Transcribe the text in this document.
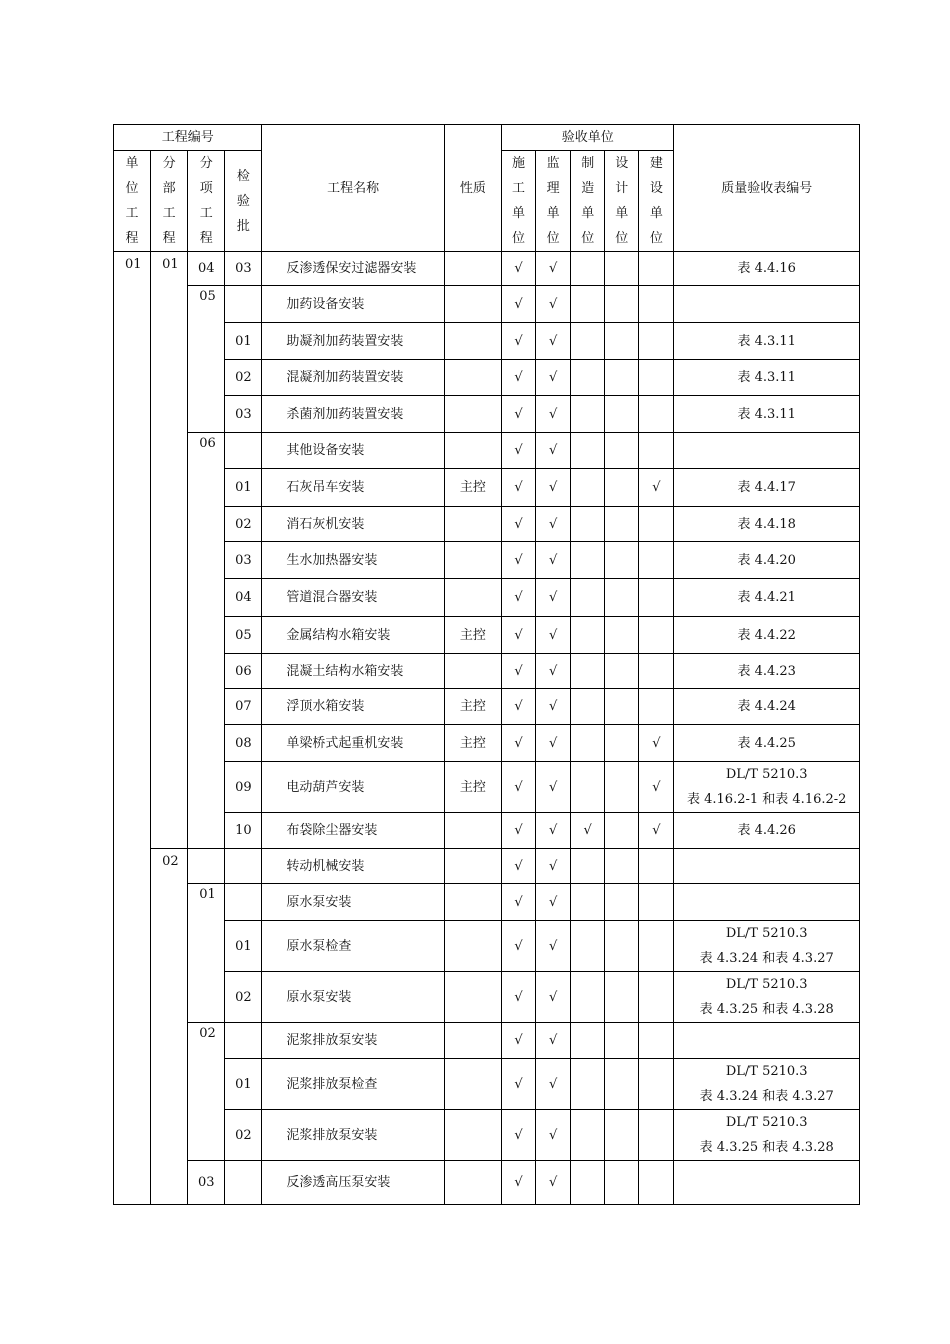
工程编号				工程名称	性质	验收单位					质量验收表编号
单位工程	分部工程	分项工程	检验批			施工单位	监理单位	制造单位	设计单位	建设单位	
01	01	04	03	反渗透保安过滤器安装		√	√				表 4.4.16

		05		加药设备安装		√	√				

			01	助凝剂加药装置安装		√	√				表 4.3.11

			02	混凝剂加药装置安装		√	√				表 4.3.11

			03	杀菌剂加药装置安装		√	√				表 4.3.11

		06		其他设备安装		√	√				

			01	石灰吊车安装	主控	√	√			√	表 4.4.17

			02	消石灰机安装		√	√				表 4.4.18

			03	生水加热器安装		√	√				表 4.4.20

			04	管道混合器安装		√	√				表 4.4.21

			05	金属结构水箱安装	主控	√	√				表 4.4.22

			06	混凝土结构水箱安装		√	√				表 4.4.23

			07	浮顶水箱安装	主控	√	√				表 4.4.24

			08	单梁桥式起重机安装	主控	√	√			√	表 4.4.25

			09	电动葫芦安装	主控	√	√			√	DL/T 5210.3
表 4.16.2-1 和表 4.16.2-2

			10	布袋除尘器安装		√	√	√		√	表 4.4.26

	02			转动机械安装		√	√				

		01		原水泵安装		√	√				

			01	原水泵检查		√	√				DL/T 5210.3
表 4.3.24 和表 4.3.27

			02	原水泵安装		√	√				DL/T 5210.3
表 4.3.25 和表 4.3.28

		02		泥浆排放泵安装		√	√				

			01	泥浆排放泵检查		√	√				DL/T 5210.3
表 4.3.24 和表 4.3.27

			02	泥浆排放泵安装		√	√				DL/T 5210.3
表 4.3.25 和表 4.3.28

		03		反渗透高压泵安装		√	√				
